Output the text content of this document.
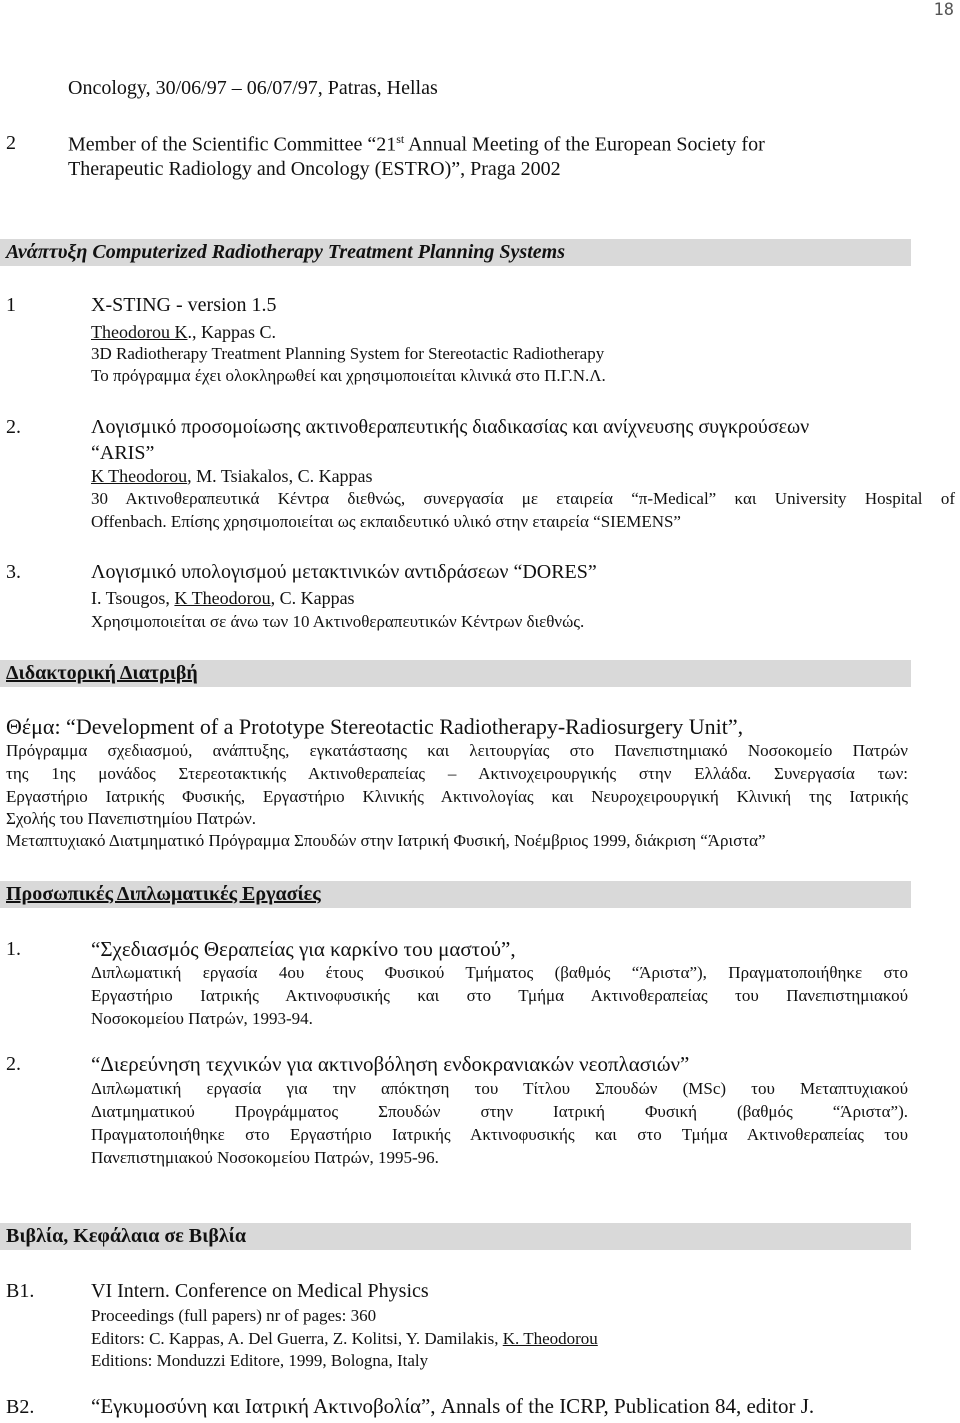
18
Oncology, 30/06/97 – 06/07/97, Patras, Hellas
2	Member of the Scientific Committee “21st Annual Meeting of the European Society for
Therapeutic Radiology and Oncology (ESTRO)”, Praga 2002
Ανάπτυξη Computerized Radiotherapy Treatment Planning Systems
1	X-STING - version 1.5
Theodorou K., Kappas C.
3D Radiotherapy Treatment Planning System for Stereotactic Radiotherapy
Το πρόγραμμα έχει ολοκληρωθεί και χρησιμοποιείται κλινικά στο Π.Γ.Ν.Λ.
2.	Λογισμικό προσομοίωσης ακτινοθεραπευτικής διαδικασίας και ανίχνευσης συγκρούσεων
“ARIS”
K Theodorou, M. Tsiakalos, C. Kappas
30 Ακτινοθεραπευτικά Κέντρα διεθνώς, συνεργασία με εταιρεία “π-Medical” και University Hospital of
Offenbach. Επίσης χρησιμοποιείται ως εκπαιδευτικό υλικό στην εταιρεία “SIEMENS”
3.	Λογισμικό υπολογισμού μετακτινικών αντιδράσεων “DORES”
I. Tsougos, K Theodorou, C. Kappas
Χρησιμοποιείται σε άνω των 10 Ακτινοθεραπευτικών Κέντρων διεθνώς.
Διδακτορική Διατριβή
Θέμα: “Development of a Prototype Stereotactic Radiotherapy-Radiosurgery Unit”,
Πρόγραμμα σχεδιασμού, ανάπτυξης, εγκατάστασης και λειτουργίας στο Πανεπιστημιακό Νοσοκομείο Πατρών
της 1ης μονάδος Στερεοτακτικής Ακτινοθεραπείας – Ακτινοχειρουργικής στην Ελλάδα. Συνεργασία των:
Εργαστήριο Ιατρικής Φυσικής, Εργαστήριο Κλινικής Ακτινολογίας και Νευροχειρουργική Κλινική της Ιατρικής
Σχολής του Πανεπιστημίου Πατρών.
Μεταπτυχιακό Διατμηματικό Πρόγραμμα Σπουδών στην Ιατρική Φυσική, Νοέμβριος 1999, διάκριση “Άριστα”
Προσωπικές Διπλωματικές Εργασίες
1.	“Σχεδιασμός Θεραπείας για καρκίνο του μαστού”,
Διπλωματική εργασία 4ου έτους Φυσικού Τμήματος (βαθμός “Άριστα”), Πραγματοποιήθηκε στο
Εργαστήριο Ιατρικής Ακτινοφυσικής και στο Τμήμα Ακτινοθεραπείας του Πανεπιστημιακού
Νοσοκομείου Πατρών, 1993-94.
2.	“Διερεύνηση τεχνικών για ακτινοβόληση ενδοκρανιακών νεοπλασιών”
Διπλωματική εργασία για την απόκτηση του Τίτλου Σπουδών (MSc) του Μεταπτυχιακού
Διατμηματικού Προγράμματος Σπουδών στην Ιατρική Φυσική (βαθμός “Άριστα”).
Πραγματοποιήθηκε στο Εργαστήριο Ιατρικής Ακτινοφυσικής και στο Τμήμα Ακτινοθεραπείας του
Πανεπιστημιακού Νοσοκομείου Πατρών, 1995-96.
Βιβλία, Κεφάλαια σε Βιβλία
B1.	VI Intern. Conference on Medical Physics
Proceedings (full papers) nr of pages: 360
Editors: C. Kappas, A. Del Guerra, Z. Kolitsi, Y. Damilakis, K. Theodorou
Editions: Monduzzi Editore, 1999, Bologna, Italy
B2.	“Εγκυμοσύνη και Ιατρική Ακτινοβολία”, Annals of the ICRP, Publication 84, editor J.
